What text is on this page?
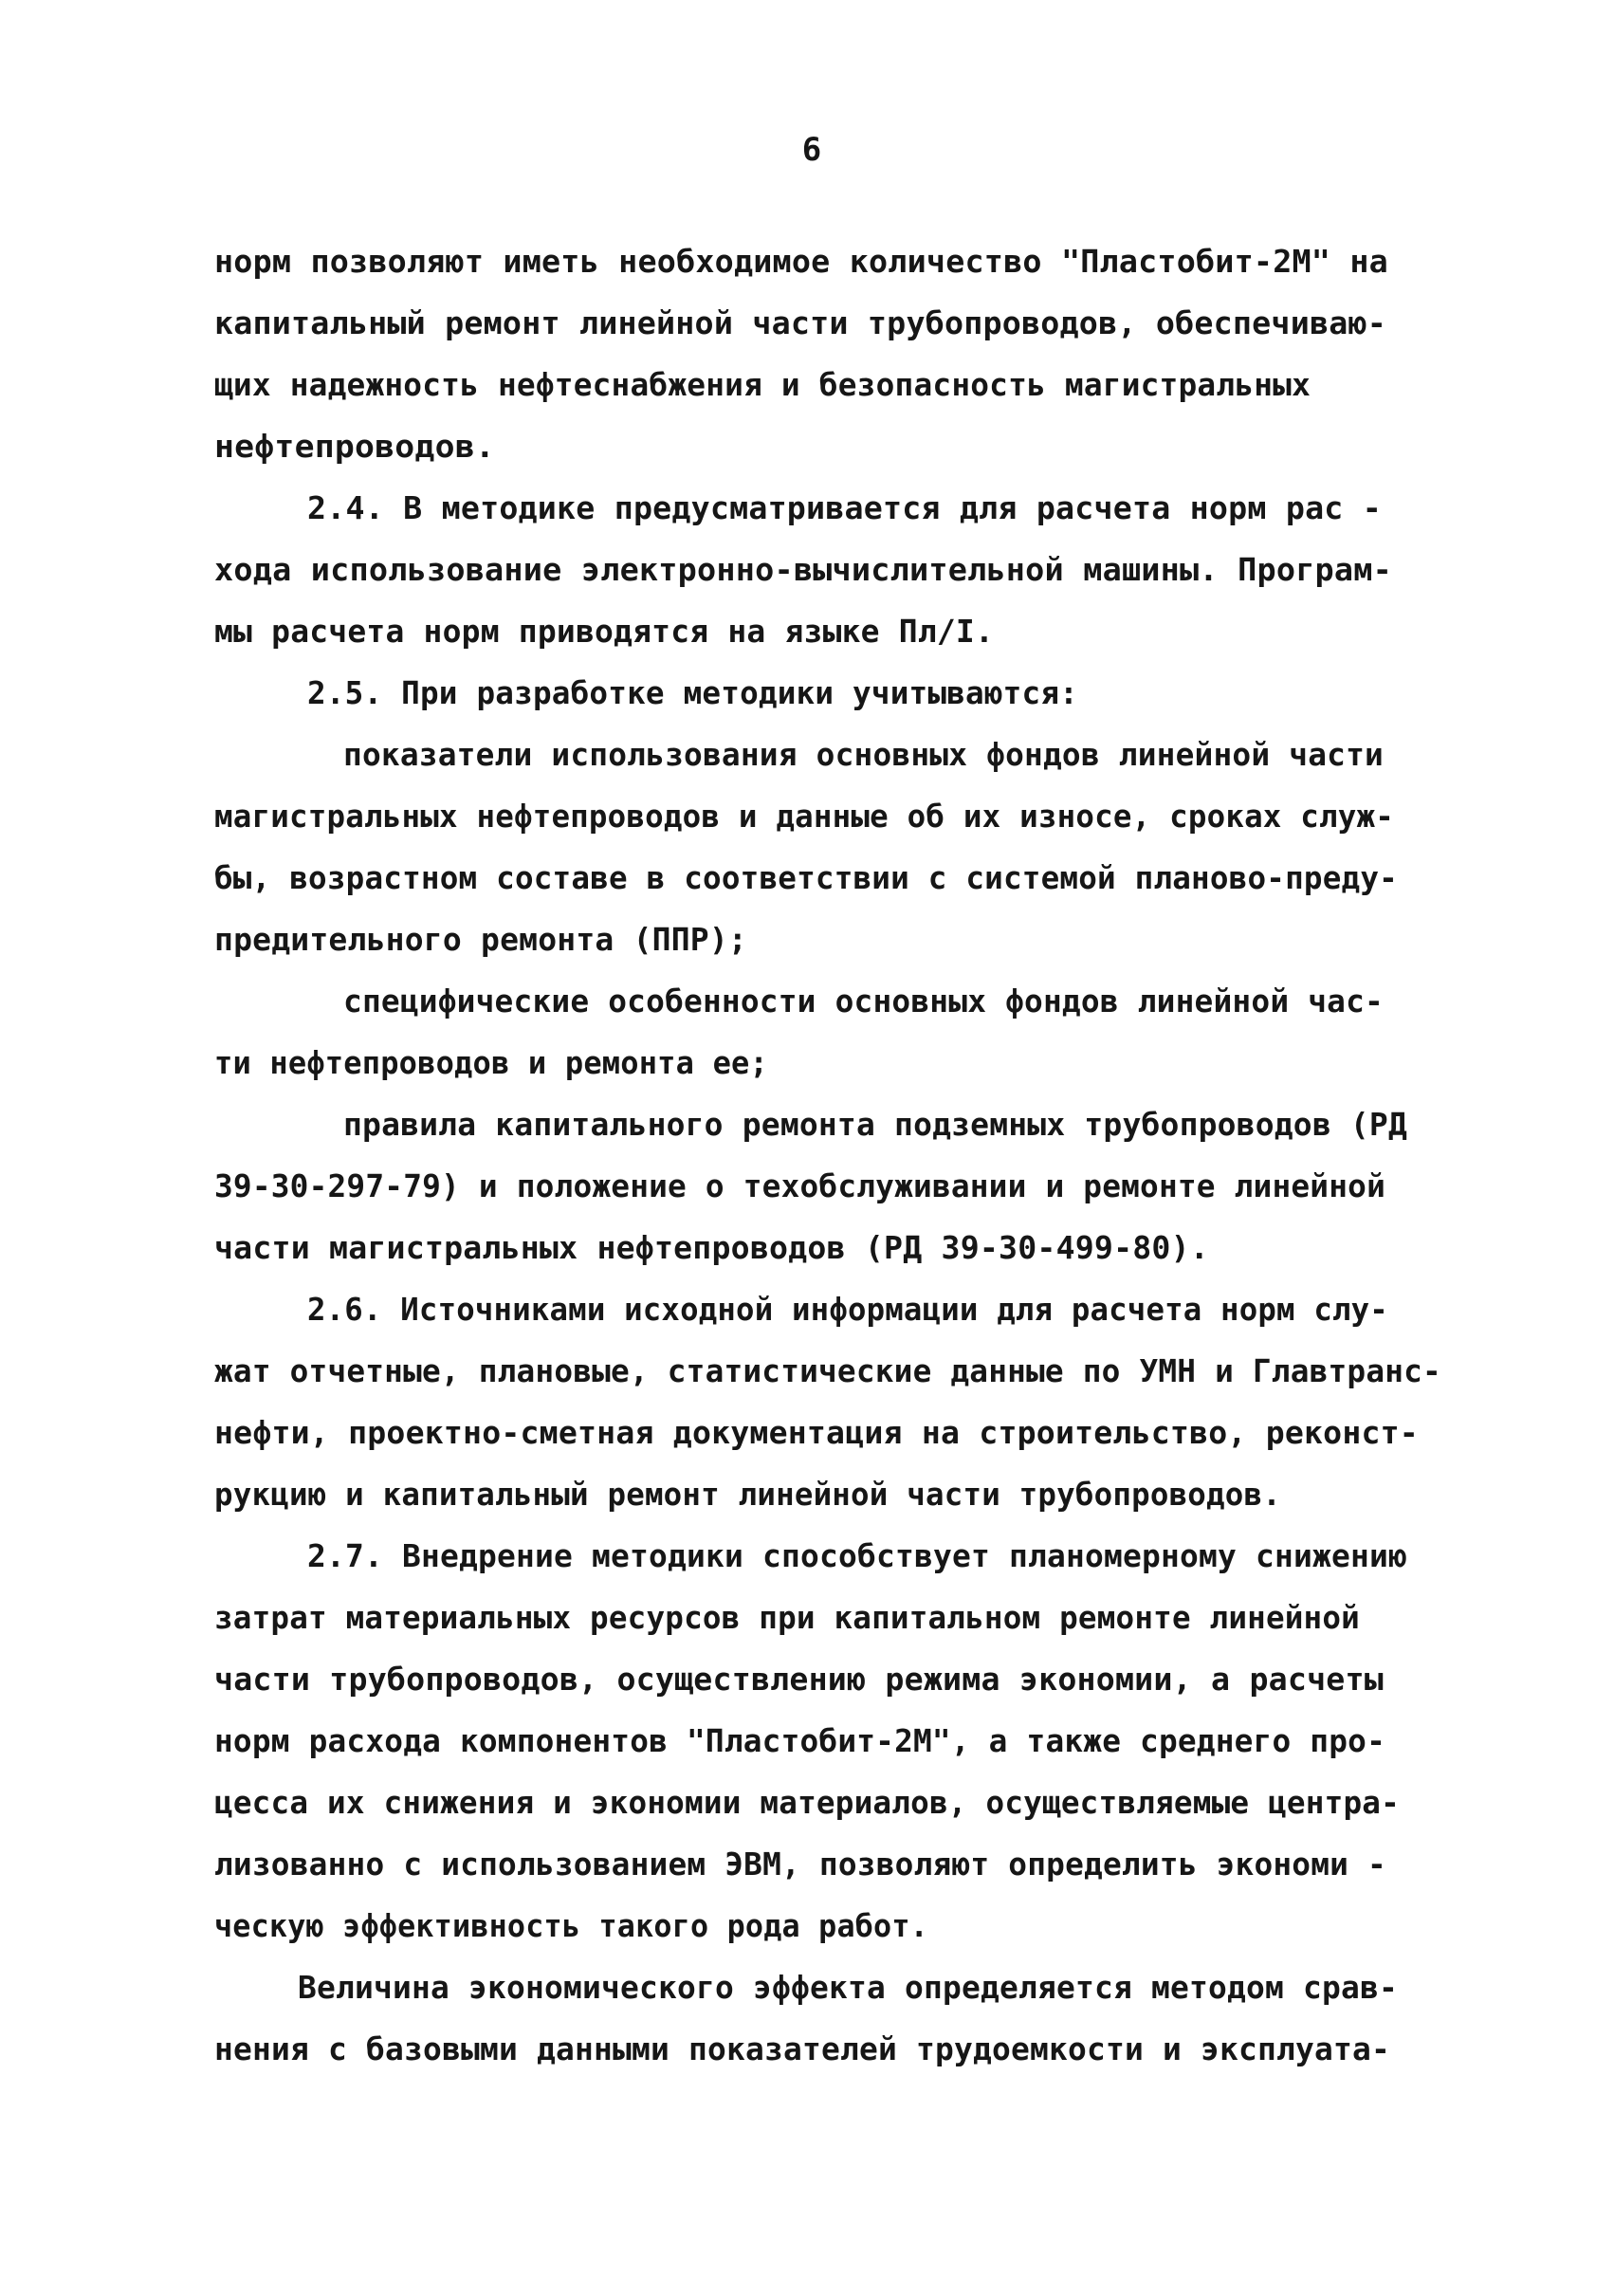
6
норм позволяют иметь необходимое количество "Пластобит-2М" на
капитальный ремонт линейной части трубопроводов, обеспечиваю-
щих надежность нефтеснабжения и безопасность магистральных
нефтепроводов.
2.4. В методике предусматривается для расчета норм рас -
хода использование электронно-вычислительной машины. Програм-
мы расчета норм приводятся на языке Пл/I.
2.5. При разработке методики учитываются:
показатели использования основных фондов линейной части
магистральных нефтепроводов и данные об их износе, сроках служ-
бы, возрастном составе в соответствии с системой планово-преду-
предительного ремонта (ППР);
специфические особенности основных фондов линейной час-
ти нефтепроводов и ремонта ее;
правила капитального ремонта подземных трубопроводов (РД
39-30-297-79) и положение о техобслуживании и ремонте линейной
части магистральных нефтепроводов (РД 39-30-499-80).
2.6. Источниками исходной информации для расчета норм слу-
жат отчетные, плановые, статистические данные по УМН и Главтранс-
нефти, проектно-сметная документация на строительство, реконст-
рукцию и капитальный ремонт линейной части трубопроводов.
2.7. Внедрение методики способствует планомерному снижению
затрат материальных ресурсов при капитальном ремонте линейной
части трубопроводов, осуществлению режима экономии, а расчеты
норм расхода компонентов "Пластобит-2М", а также среднего про-
цесса их снижения и экономии материалов, осуществляемые центра-
лизованно с использованием ЭВМ, позволяют определить экономи -
ческую эффективность такого рода работ.
Величина экономического эффекта определяется методом срав-
нения с базовыми данными показателей трудоемкости и эксплуата-
